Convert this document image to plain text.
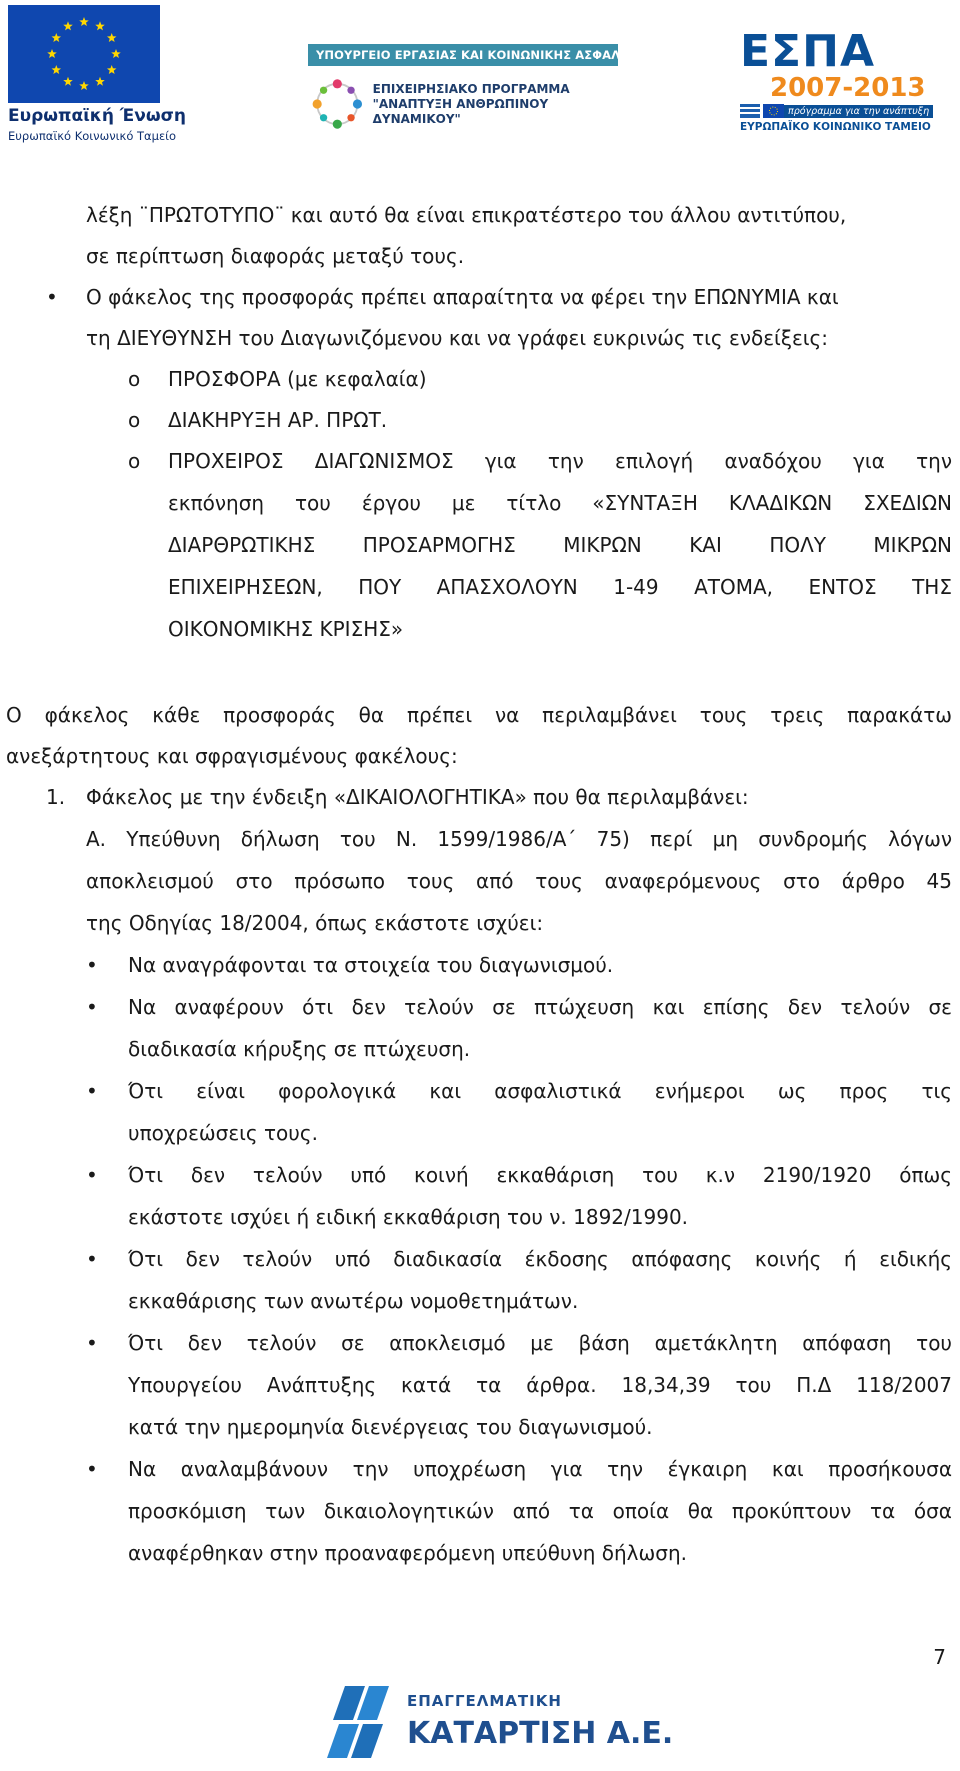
Ευρωπαϊκή Ένωση
Ευρωπαϊκό Κοινωνικό Ταμείο
ΥΠΟΥΡΓΕΙΟ ΕΡΓΑΣΙΑΣ ΚΑΙ ΚΟΙΝΩΝΙΚΗΣ ΑΣΦΑΛΙΣΗΣ
ΕΠΙΧΕΙΡΗΣΙΑΚΟ ΠΡΟΓΡΑΜΜΑ
"ΑΝΑΠΤΥΞΗ ΑΝΘΡΩΠΙΝΟΥ ΔΥΝΑΜΙΚΟΥ"
ΕΣΠΑ
2007-2013
πρόγραμμα για την ανάπτυξη
ΕΥΡΩΠΑΪΚΟ ΚΟΙΝΩΝΙΚΟ ΤΑΜΕΙΟ
λέξη ¨ΠΡΩΤΟΤΥΠΟ¨ και αυτό θα είναι επικρατέστερο του άλλου αντιτύπου,
σε περίπτωση διαφοράς μεταξύ τους.
• Ο φάκελος της προσφοράς πρέπει απαραίτητα να φέρει την ΕΠΩΝΥΜΙΑ και
τη ΔΙΕΥΘΥΝΣΗ του Διαγωνιζόμενου και να γράφει ευκρινώς τις ενδείξεις:
o ΠΡΟΣΦΟΡΑ (με κεφαλαία)
o ΔΙΑΚΗΡΥΞΗ ΑΡ. ΠΡΩΤ.
o ΠΡΟΧΕΙΡΟΣ ΔΙΑΓΩΝΙΣΜΟΣ για την επιλογή αναδόχου για την
εκπόνηση του έργου με τίτλο «ΣΥΝΤΑΞΗ ΚΛΑΔΙΚΩΝ ΣΧΕΔΙΩΝ
ΔΙΑΡΘΡΩΤΙΚΗΣ ΠΡΟΣΑΡΜΟΓΗΣ ΜΙΚΡΩΝ ΚΑΙ ΠΟΛΥ ΜΙΚΡΩΝ
ΕΠΙΧΕΙΡΗΣΕΩΝ, ΠΟΥ ΑΠΑΣΧΟΛΟΥΝ 1-49 ΑΤΟΜΑ, ΕΝΤΟΣ ΤΗΣ
ΟΙΚΟΝΟΜΙΚΗΣ ΚΡΙΣΗΣ»
Ο φάκελος κάθε προσφοράς θα πρέπει να περιλαμβάνει τους τρεις παρακάτω
ανεξάρτητους και σφραγισμένους φακέλους:
1. Φάκελος με την ένδειξη «ΔΙΚΑΙΟΛΟΓΗΤΙΚΑ» που θα περιλαμβάνει:
Α. Υπεύθυνη δήλωση του Ν. 1599/1986/Α΄ 75) περί μη συνδρομής λόγων
αποκλεισμού στο πρόσωπο τους από τους αναφερόμενους στο άρθρο 45
της Οδηγίας 18/2004, όπως εκάστοτε ισχύει:
• Να αναγράφονται τα στοιχεία του διαγωνισμού.
• Να αναφέρουν ότι δεν τελούν σε πτώχευση και επίσης δεν τελούν σε
διαδικασία κήρυξης σε πτώχευση.
• Ότι είναι φορολογικά και ασφαλιστικά ενήμεροι ως προς τις
υποχρεώσεις τους.
• Ότι δεν τελούν υπό κοινή εκκαθάριση του κ.ν 2190/1920 όπως
εκάστοτε ισχύει ή ειδική εκκαθάριση του ν. 1892/1990.
• Ότι δεν τελούν υπό διαδικασία έκδοσης απόφασης κοινής ή ειδικής
εκκαθάρισης των ανωτέρω νομοθετημάτων.
• Ότι δεν τελούν σε αποκλεισμό με βάση αμετάκλητη απόφαση του
Υπουργείου Ανάπτυξης κατά τα άρθρα. 18,34,39 του Π.Δ 118/2007
κατά την ημερομηνία διενέργειας του διαγωνισμού.
• Να αναλαμβάνουν την υποχρέωση για την έγκαιρη και προσήκουσα
προσκόμιση των δικαιολογητικών από τα οποία θα προκύπτουν τα όσα
αναφέρθηκαν στην προαναφερόμενη υπεύθυνη δήλωση.
7
ΕΠΑΓΓΕΛΜΑΤΙΚΗ
ΚΑΤΑΡΤΙΣΗ Α.Ε.
